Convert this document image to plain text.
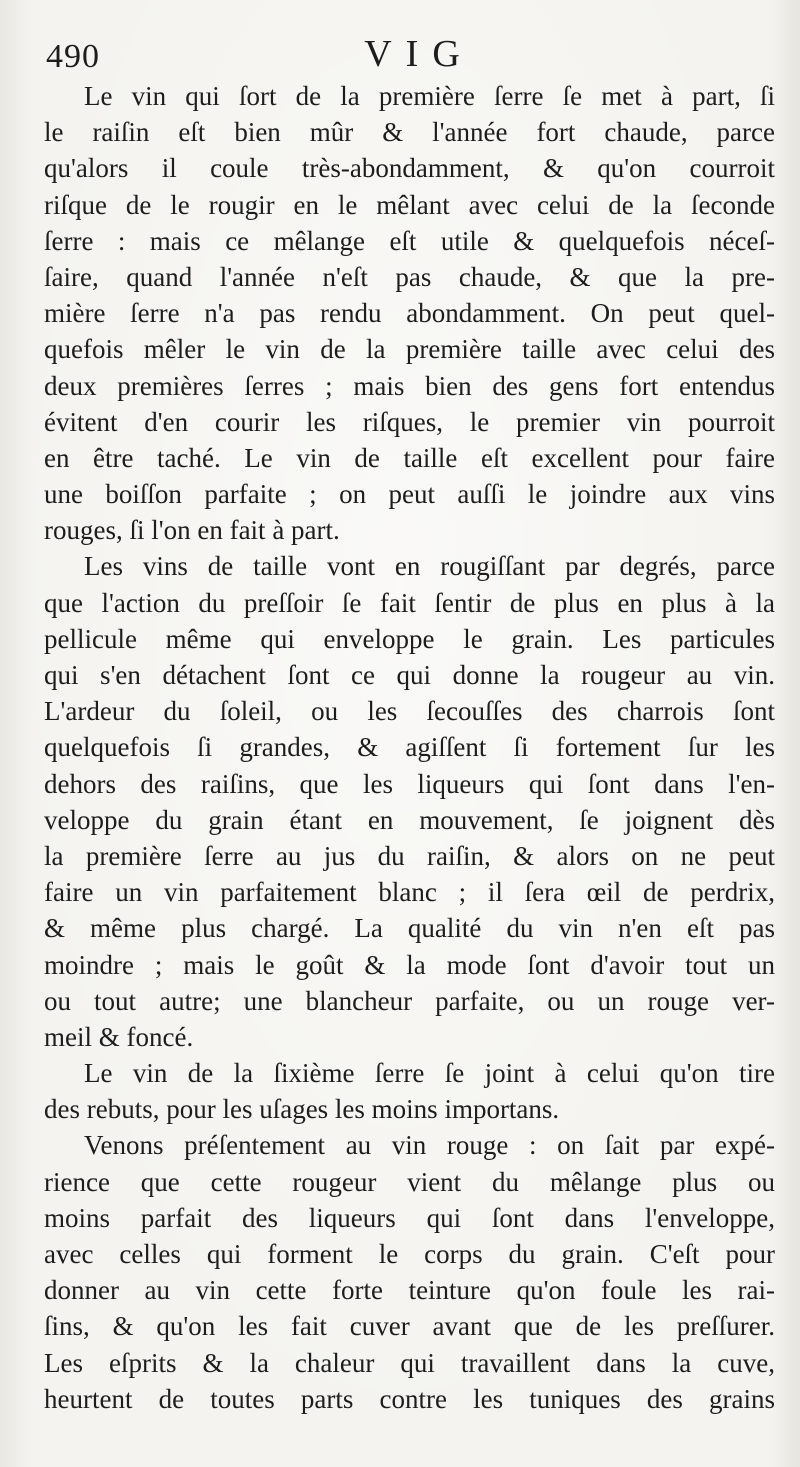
490	VIG
Le vin qui ſort de la première ſerre ſe met à part, ſi
le raiſin eſt bien mûr & l'année fort chaude, parce
qu'alors il coule très-abondamment, & qu'on courroit
riſque de le rougir en le mêlant avec celui de la ſeconde
ſerre : mais ce mêlange eſt utile & quelquefois néceſ-
ſaire, quand l'année n'eſt pas chaude, & que la pre-
mière ſerre n'a pas rendu abondamment. On peut quel-
quefois mêler le vin de la première taille avec celui des
deux premières ſerres ; mais bien des gens fort entendus
évitent d'en courir les riſques, le premier vin pourroit
en être taché. Le vin de taille eſt excellent pour faire
une boiſſon parfaite ; on peut auſſi le joindre aux vins
rouges, ſi l'on en fait à part.
Les vins de taille vont en rougiſſant par degrés, parce
que l'action du preſſoir ſe fait ſentir de plus en plus à la
pellicule même qui enveloppe le grain. Les particules
qui s'en détachent ſont ce qui donne la rougeur au vin.
L'ardeur du ſoleil, ou les ſecouſſes des charrois ſont
quelquefois ſi grandes, & agiſſent ſi fortement ſur les
dehors des raiſins, que les liqueurs qui ſont dans l'en-
veloppe du grain étant en mouvement, ſe joignent dès
la première ſerre au jus du raiſin, & alors on ne peut
faire un vin parfaitement blanc ; il ſera œil de perdrix,
& même plus chargé. La qualité du vin n'en eſt pas
moindre ; mais le goût & la mode ſont d'avoir tout un
ou tout autre; une blancheur parfaite, ou un rouge ver-
meil & foncé.
Le vin de la ſixième ſerre ſe joint à celui qu'on tire
des rebuts, pour les uſages les moins importans.
Venons préſentement au vin rouge : on ſait par expé-
rience que cette rougeur vient du mêlange plus ou
moins parfait des liqueurs qui ſont dans l'enveloppe,
avec celles qui forment le corps du grain. C'eſt pour
donner au vin cette forte teinture qu'on foule les rai-
ſins, & qu'on les fait cuver avant que de les preſſurer.
Les eſprits & la chaleur qui travaillent dans la cuve,
heurtent de toutes parts contre les tuniques des grains
